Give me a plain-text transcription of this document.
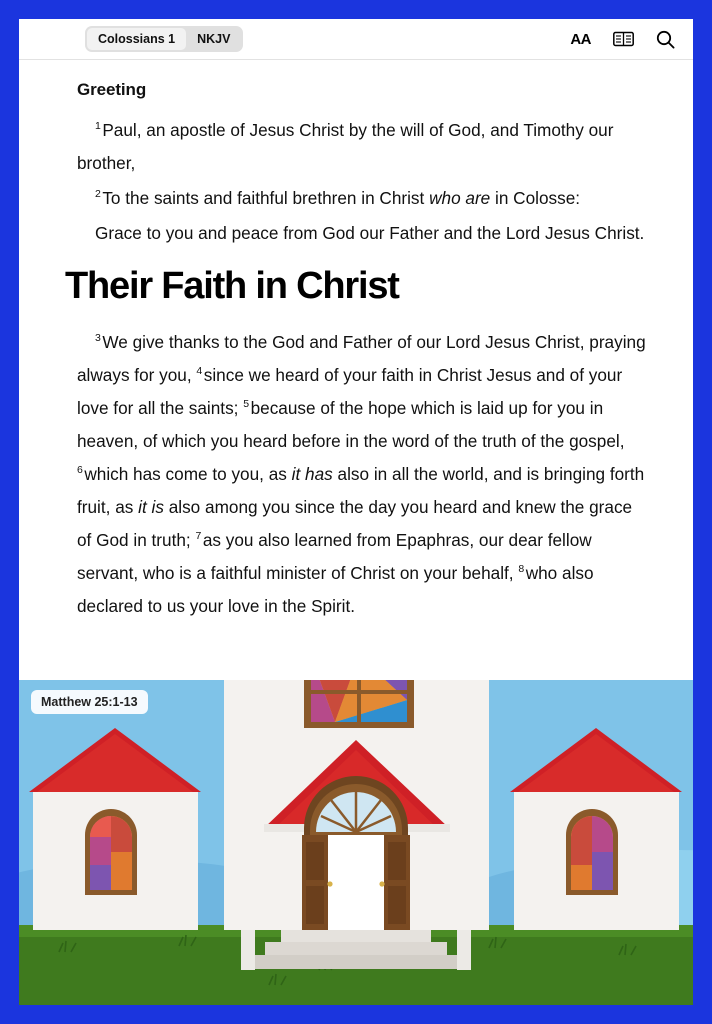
Colossians 1	NKJV	AA
Greeting

$^1$Paul, an apostle of Jesus Christ by the will of God, and Timothy our brother,

$^2$To the saints and faithful brethren in Christ who are in Colosse:

Grace to you and peace from God our Father and the Lord Jesus Christ.

Their Faith in Christ

$^3$We give thanks to the God and Father of our Lord Jesus Christ, praying always for you, $^4$since we heard of your faith in Christ Jesus and of your love for all the saints; $^5$because of the hope which is laid up for you in heaven, of which you heard before in the word of the truth of the gospel, $^6$which has come to you, as it has also in all the world, and is bringing forth fruit, as it is also among you since the day you heard and knew the grace of God in truth; $^7$as you also learned from Epaphras, our dear fellow servant, who is a faithful minister of Christ on your behalf, $^8$who also declared to us your love in the Spirit.

Matthew 25:1-13
